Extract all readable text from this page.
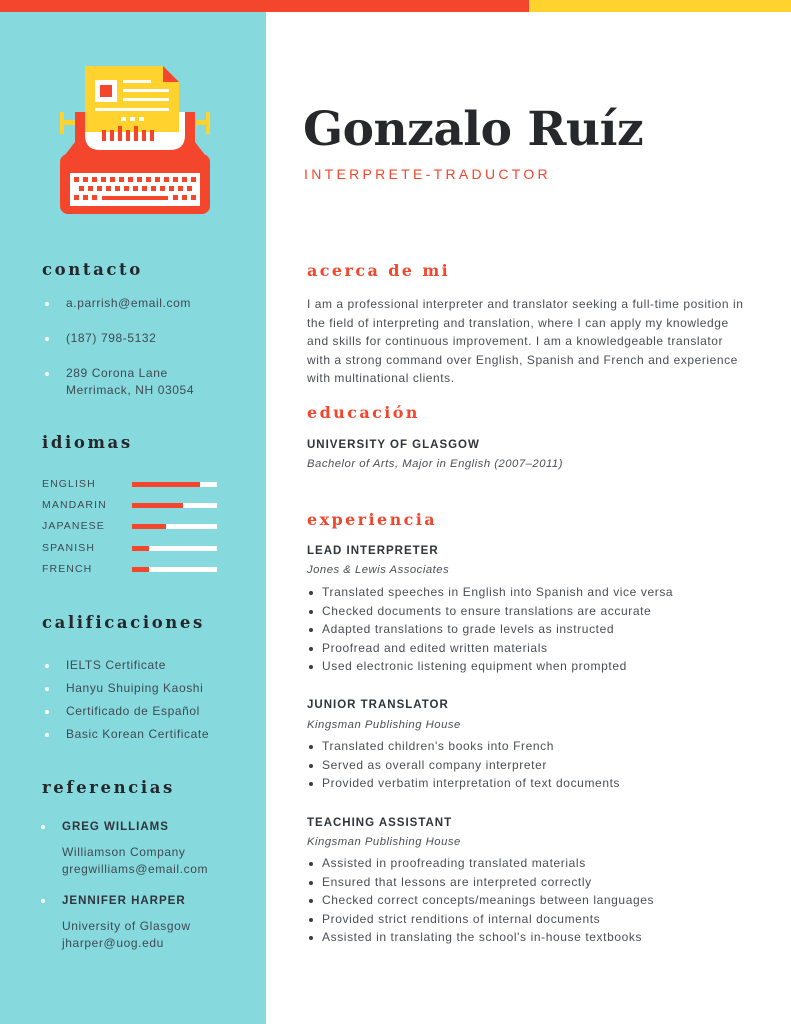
contacto
a.parrish@email.com
(187) 798-5132
289 Corona Lane
Merrimack, NH 03054
idiomas
ENGLISH
MANDARIN
JAPANESE
SPANISH
FRENCH
calificaciones
IELTS Certificate
Hanyu Shuiping Kaoshi
Certificado de Español
Basic Korean Certificate
referencias
GREG WILLIAMS
Williamson Company
gregwilliams@email.com
JENNIFER HARPER
University of Glasgow
jharper@uog.edu
Gonzalo Ruíz
INTERPRETE-TRADUCTOR
acerca de mi

I am a professional interpreter and translator seeking a full-time position in the field of interpreting and translation, where I can apply my knowledge and skills for continuous improvement. I am a knowledgeable translator with a strong command over English, Spanish and French and experience with multinational clients.

educación
UNIVERSITY OF GLASGOW
Bachelor of Arts, Major in English (2007–2011)
experiencia
LEAD INTERPRETER
Jones & Lewis Associates
Translated speeches in English into Spanish and vice versa
Checked documents to ensure translations are accurate
Adapted translations to grade levels as instructed
Proofread and edited written materials
Used electronic listening equipment when prompted
JUNIOR TRANSLATOR
Kingsman Publishing House
Translated children's books into French
Served as overall company interpreter
Provided verbatim interpretation of text documents
TEACHING ASSISTANT
Kingsman Publishing House
Assisted in proofreading translated materials
Ensured that lessons are interpreted correctly
Checked correct concepts/meanings between languages
Provided strict renditions of internal documents
Assisted in translating the school's in-house textbooks
